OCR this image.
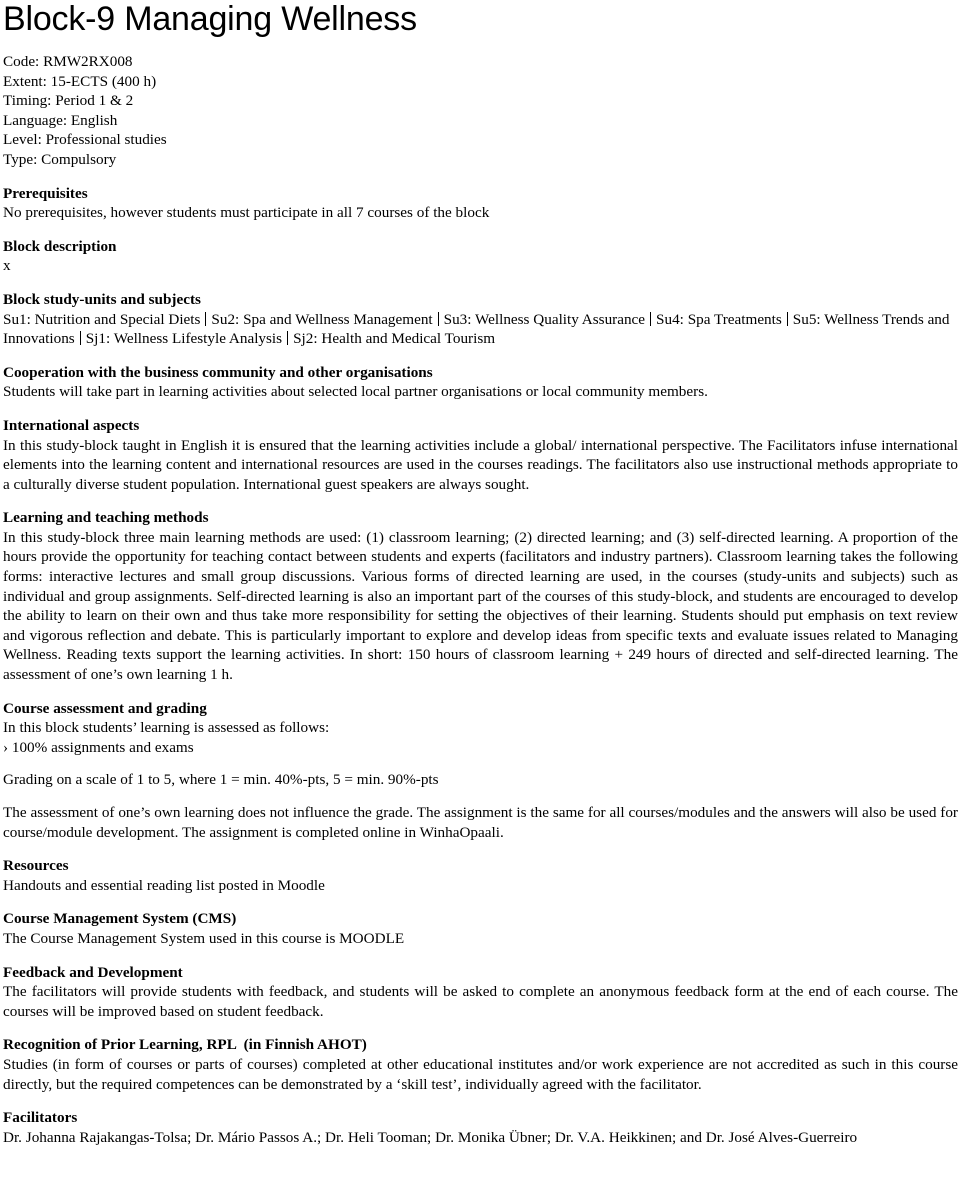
Block-9 Managing Wellness
Code: RMW2RX008
Extent: 15-ECTS (400 h)
Timing: Period 1 & 2
Language: English
Level: Professional studies
Type: Compulsory
Prerequisites

No prerequisites, however students must participate in all 7 courses of the block

Block description

x

Block study-units and subjects

Su1: Nutrition and Special Diets Su2: Spa and Wellness Management Su3: Wellness Quality Assurance Su4: Spa Treatments Su5: Wellness Trends and Innovations Sj1: Wellness Lifestyle Analysis Sj2: Health and Medical Tourism

Cooperation with the business community and other organisations

Students will take part in learning activities about selected local partner organisations or local community members.

International aspects

In this study-block taught in English it is ensured that the learning activities include a global/ international perspective. The Facilitators infuse international elements into the learning content and international resources are used in the courses readings. The facilitators also use instructional methods appropriate to a culturally diverse student population. International guest speakers are always sought.

Learning and teaching methods

In this study-block three main learning methods are used: (1) classroom learning; (2) directed learning; and (3) self-directed learning. A proportion of the hours provide the opportunity for teaching contact between students and experts (facilitators and industry partners). Classroom learning takes the following forms: interactive lectures and small group discussions. Various forms of directed learning are used, in the courses (study-units and subjects) such as individual and group assignments. Self-directed learning is also an important part of the courses of this study-block, and students are encouraged to develop the ability to learn on their own and thus take more responsibility for setting the objectives of their learning. Students should put emphasis on text review and vigorous reflection and debate. This is particularly important to explore and develop ideas from specific texts and evaluate issues related to Managing Wellness. Reading texts support the learning activities. In short: 150 hours of classroom learning + 249 hours of directed and self-directed learning. The assessment of one’s own learning 1 h.

Course assessment and grading

In this block students’ learning is assessed as follows:

› 100% assignments and exams

Grading on a scale of 1 to 5, where 1 = min. 40%-pts, 5 = min. 90%-pts

The assessment of one’s own learning does not influence the grade. The assignment is the same for all courses/modules and the answers will also be used for course/module development. The assignment is completed online in WinhaOpaali.

Resources

Handouts and essential reading list posted in Moodle

Course Management System (CMS)

The Course Management System used in this course is MOODLE

Feedback and Development

The facilitators will provide students with feedback, and students will be asked to complete an anonymous feedback form at the end of each course. The courses will be improved based on student feedback.

Recognition of Prior Learning, RPL  (in Finnish AHOT)

Studies (in form of courses or parts of courses) completed at other educational institutes and/or work experience are not accredited as such in this course directly, but the required competences can be demonstrated by a ‘skill test’, individually agreed with the facilitator.

Facilitators

Dr. Johanna Rajakangas-Tolsa; Dr. Mário Passos A.; Dr. Heli Tooman; Dr. Monika Übner; Dr. V.A. Heikkinen; and Dr. José Alves-Guerreiro
